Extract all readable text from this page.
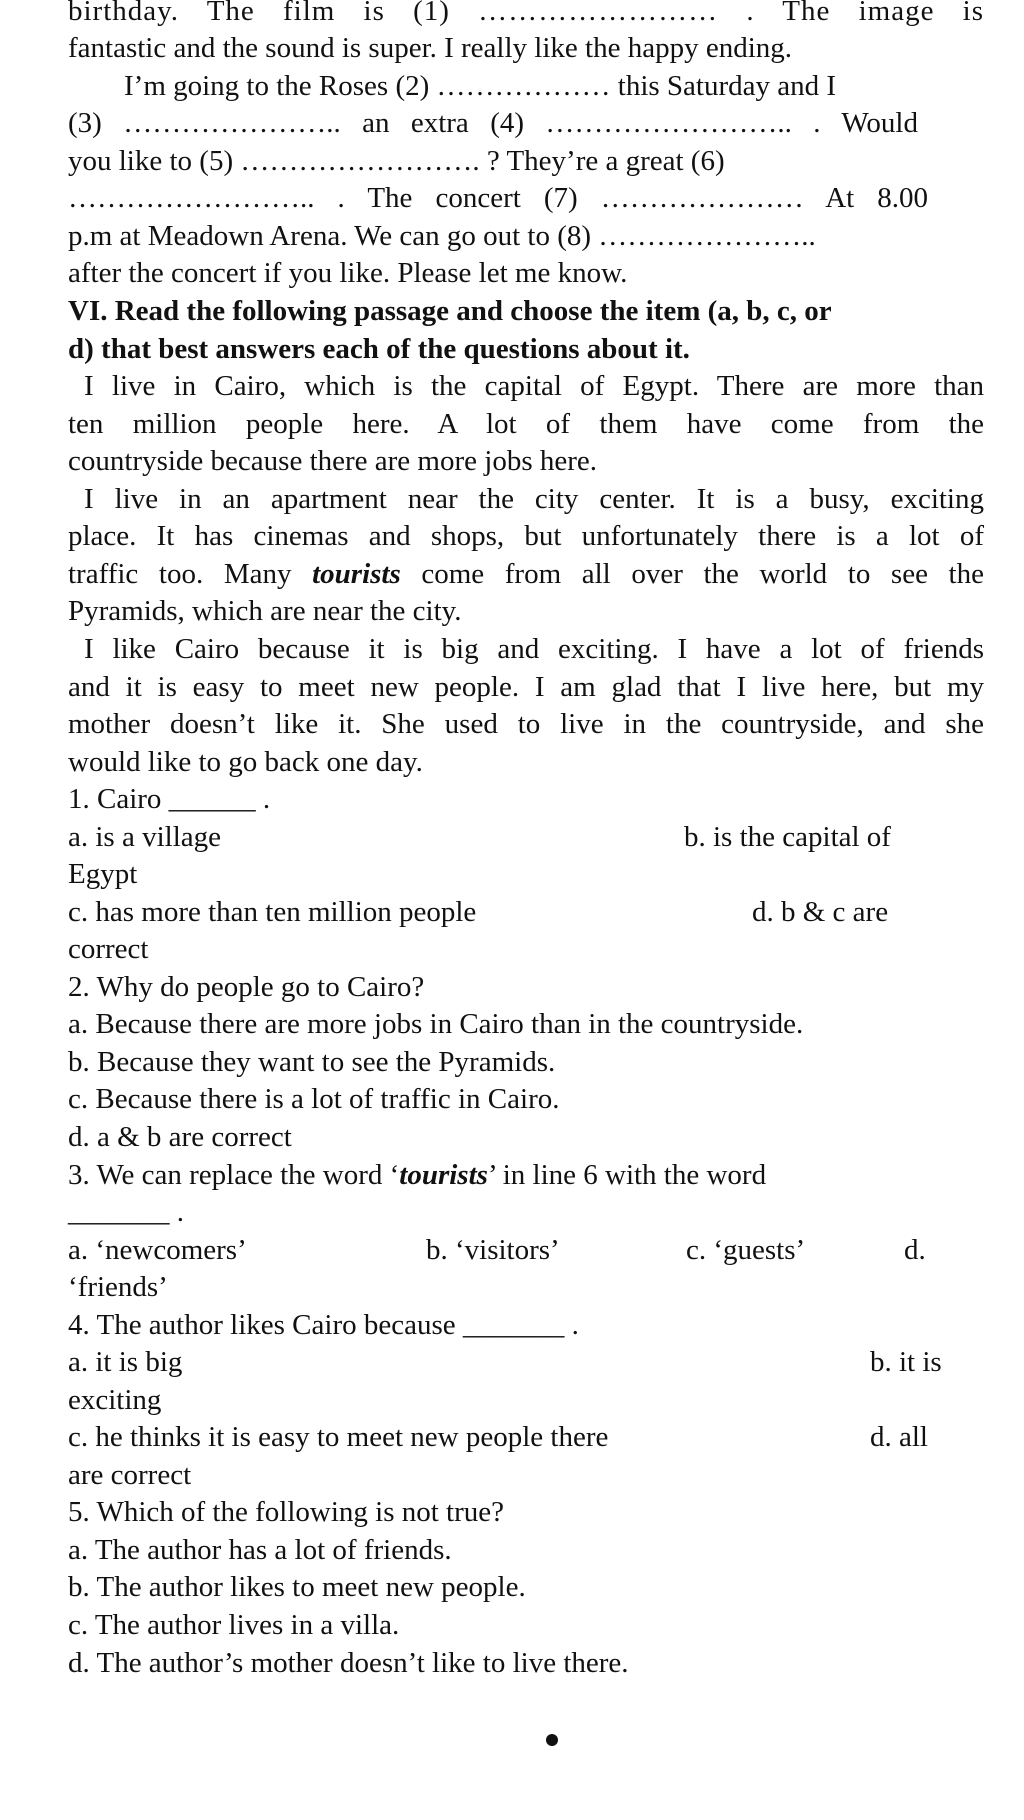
birthday. The film is (1) …………………… . The image is
fantastic and the sound is super. I really like the happy ending.
I’m going to the Roses (2) ……………… this Saturday and I
(3) ………………….. an extra (4) …………………….. . Would
you like to (5) ……………………. ? They’re a great (6)
…………………….. . The concert (7) ………………… At 8.00
p.m at Meadown Arena. We can go out to (8) …………………..
after the concert if you like. Please let me know.
VI. Read the following passage and choose the item (a, b, c, or
d) that best answers each of the questions about it.
I live in Cairo, which is the capital of Egypt. There are more than
ten million people here. A lot of them have come from the
countryside because there are more jobs here.
I live in an apartment near the city center. It is a busy, exciting
place. It has cinemas and shops, but unfortunately there is a lot of
traffic too. Many tourists come from all over the world to see the
Pyramids, which are near the city.
I like Cairo because it is big and exciting. I have a lot of friends
and it is easy to meet new people. I am glad that I live here, but my
mother doesn’t like it. She used to live in the countryside, and she
would like to go back one day.
1. Cairo ______ .
a. is a village	b. is the capital of
Egypt
c. has more than ten million people	d. b & c are
correct
2. Why do people go to Cairo?
a. Because there are more jobs in Cairo than in the countryside.
b. Because they want to see the Pyramids.
c. Because there is a lot of traffic in Cairo.
d. a & b are correct
3. We can replace the word ‘tourists’ in line 6 with the word
_______ .
a. ‘newcomers’	b. ‘visitors’	c. ‘guests’	d.
‘friends’
4. The author likes Cairo because _______ .
a. it is big	b. it is
exciting
c. he thinks it is easy to meet new people there	d. all
are correct
5. Which of the following is not true?
a. The author has a lot of friends.
b. The author likes to meet new people.
c. The author lives in a villa.
d. The author’s mother doesn’t like to live there.
